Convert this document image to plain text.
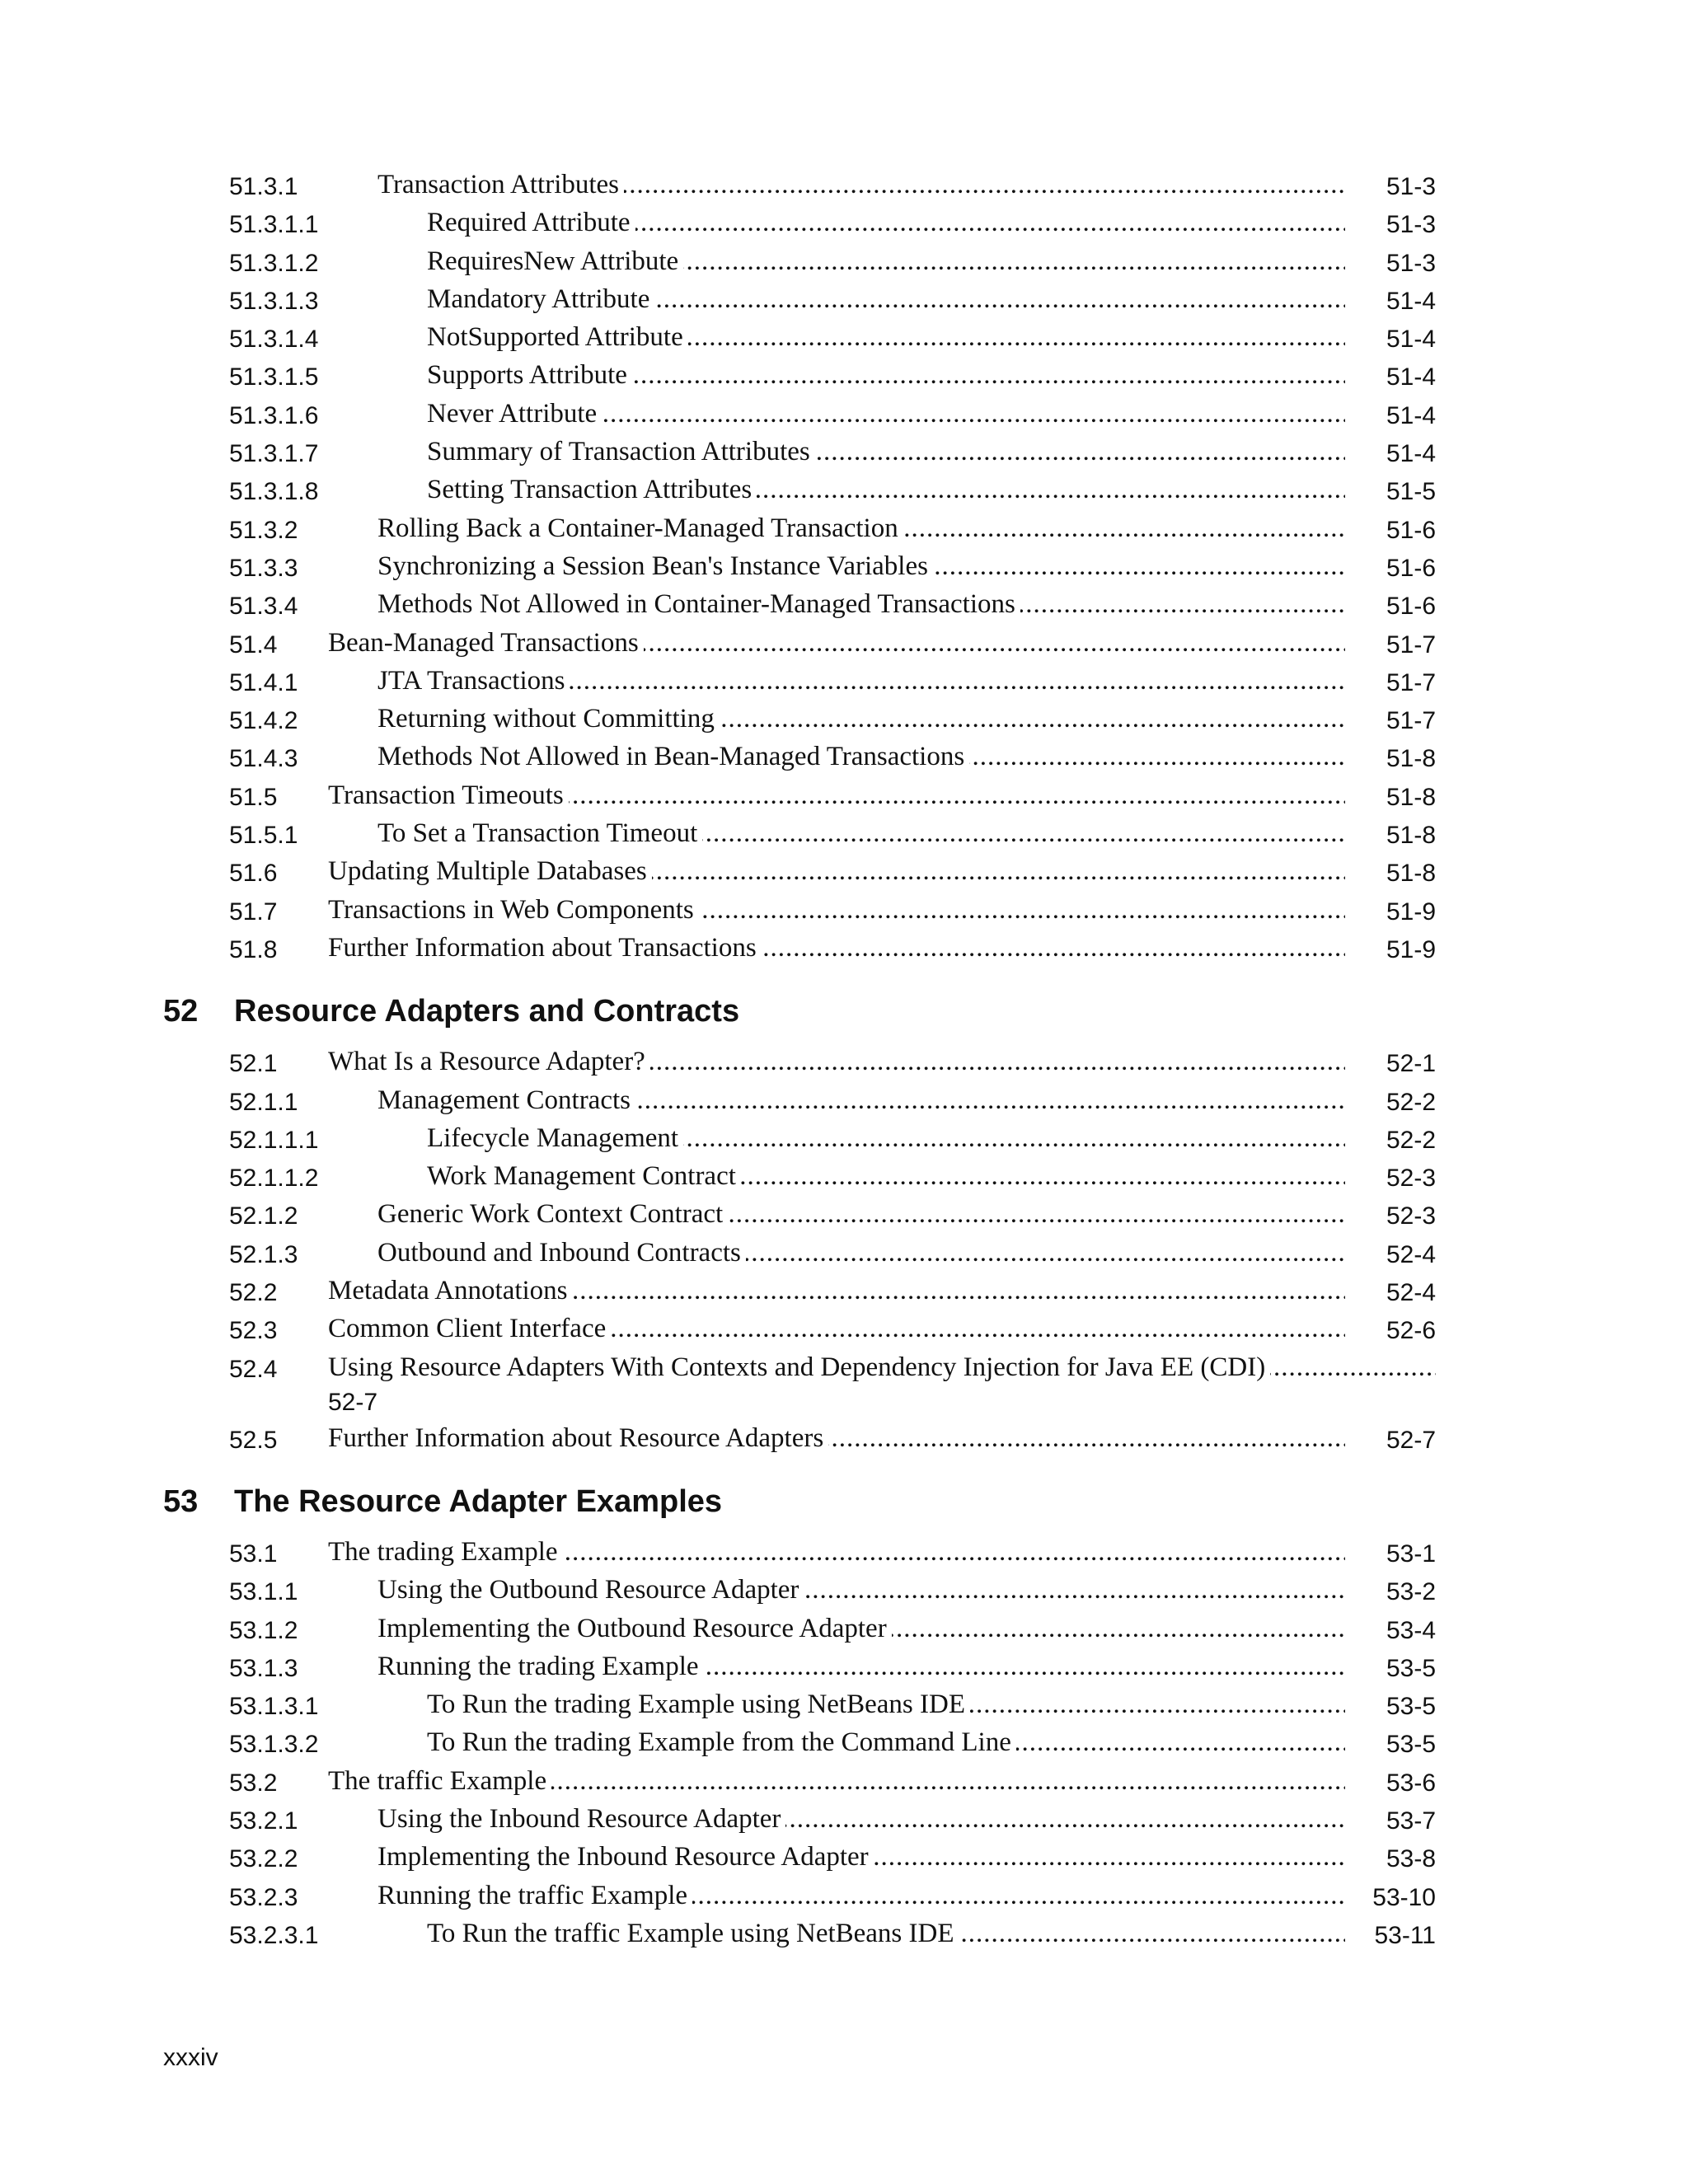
51.3.1	Transaction Attributes .....	51-3
51.3.1.1	Required Attribute .....	51-3
51.3.1.2	RequiresNew Attribute .....	51-3
51.3.1.3	Mandatory Attribute .....	51-4
51.3.1.4	NotSupported Attribute .....	51-4
51.3.1.5	Supports Attribute .....	51-4
51.3.1.6	Never Attribute .....	51-4
51.3.1.7	Summary of Transaction Attributes .....	51-4
51.3.1.8	Setting Transaction Attributes .....	51-5
51.3.2	Rolling Back a Container-Managed Transaction .....	51-6
51.3.3	Synchronizing a Session Bean's Instance Variables .....	51-6
51.3.4	Methods Not Allowed in Container-Managed Transactions .....	51-6
51.4 Bean-Managed Transactions .....	51-7
51.4.1	JTA Transactions .....	51-7
51.4.2	Returning without Committing .....	51-7
51.4.3	Methods Not Allowed in Bean-Managed Transactions .....	51-8
51.5 Transaction Timeouts .....	51-8
51.5.1	To Set a Transaction Timeout .....	51-8
51.6 Updating Multiple Databases .....	51-8
51.7 Transactions in Web Components .....	51-9
51.8 Further Information about Transactions .....	51-9
52 Resource Adapters and Contracts
52.1 What Is a Resource Adapter? .....	52-1
52.1.1	Management Contracts .....	52-2
52.1.1.1	Lifecycle Management .....	52-2
52.1.1.2	Work Management Contract .....	52-3
52.1.2	Generic Work Context Contract .....	52-3
52.1.3	Outbound and Inbound Contracts .....	52-4
52.2 Metadata Annotations .....	52-4
52.3 Common Client Interface .....	52-6
52.4 Using Resource Adapters With Contexts and Dependency Injection for Java EE (CDI) .....
52-7
52.5 Further Information about Resource Adapters .....	52-7
53 The Resource Adapter Examples
53.1 The trading Example .....	53-1
53.1.1	Using the Outbound Resource Adapter .....	53-2
53.1.2	Implementing the Outbound Resource Adapter .....	53-4
53.1.3	Running the trading Example .....	53-5
53.1.3.1	To Run the trading Example using NetBeans IDE .....	53-5
53.1.3.2	To Run the trading Example from the Command Line .....	53-5
53.2 The traffic Example .....	53-6
53.2.1	Using the Inbound Resource Adapter .....	53-7
53.2.2	Implementing the Inbound Resource Adapter .....	53-8
53.2.3	Running the traffic Example .....	53-10
53.2.3.1	To Run the traffic Example using NetBeans IDE .....	53-11
xxxiv
